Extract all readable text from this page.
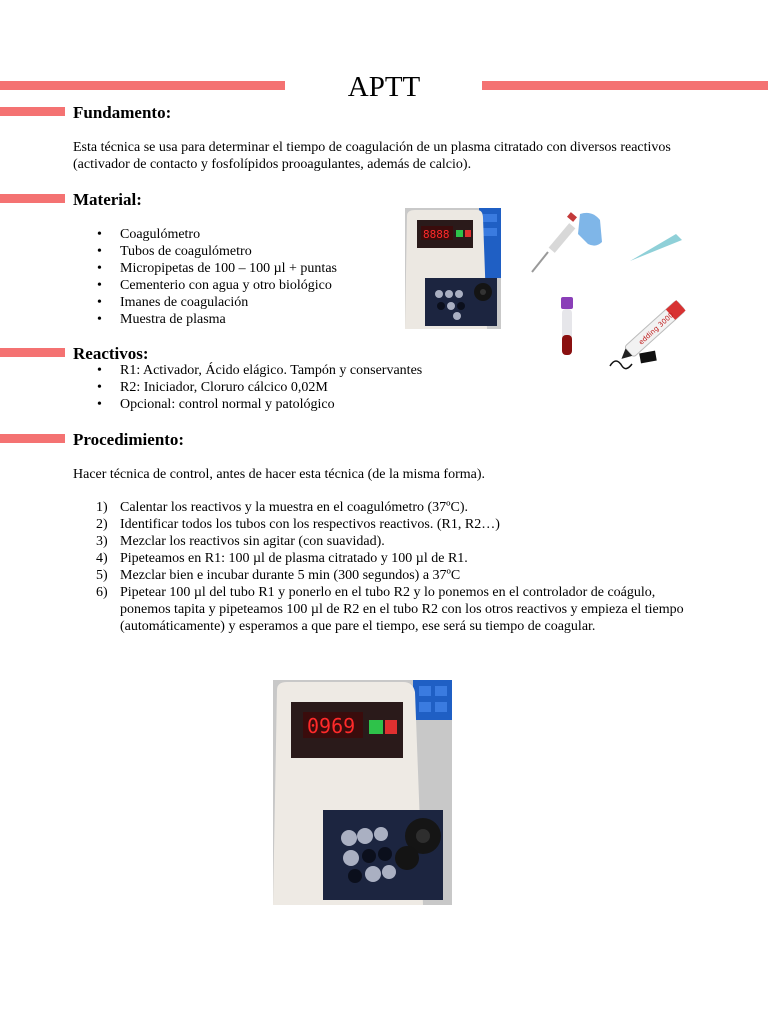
APTT
Fundamento:
Esta técnica se usa para determinar el tiempo de coagulación de un plasma citratado con diversos reactivos (activador de contacto y fosfolípidos prooagulantes, además de calcio).
Material:
• Coagulómetro
• Tubos de coagulómetro
• Micropipetas de 100 – 100 µl + puntas
• Cementerio con agua y otro biológico
• Imanes de coagulación
• Muestra de plasma
8888
edding 3000
Reactivos:
• R1: Activador, Ácido elágico. Tampón y conservantes
• R2: Iniciador, Cloruro cálcico 0,02M
• Opcional: control normal y patológico
Procedimiento:
Hacer técnica de control, antes de hacer esta técnica (de la misma forma).
1) Calentar los reactivos y la muestra en el coagulómetro (37ºC).
2) Identificar todos los tubos con los respectivos reactivos. (R1, R2…)
3) Mezclar los reactivos sin agitar (con suavidad).
4) Pipeteamos en R1: 100 µl de plasma citratado y 100 µl de R1.
5) Mezclar bien e incubar durante 5 min (300 segundos) a 37ºC
6) Pipetear 100 µl del tubo R1 y ponerlo en el tubo R2 y lo ponemos en el controlador de coágulo, ponemos tapita y pipeteamos 100 µl de R2 en el tubo R2 con los otros reactivos y empieza el tiempo (automáticamente) y esperamos a que pare el tiempo, ese será su tiempo de coagular.
0969
